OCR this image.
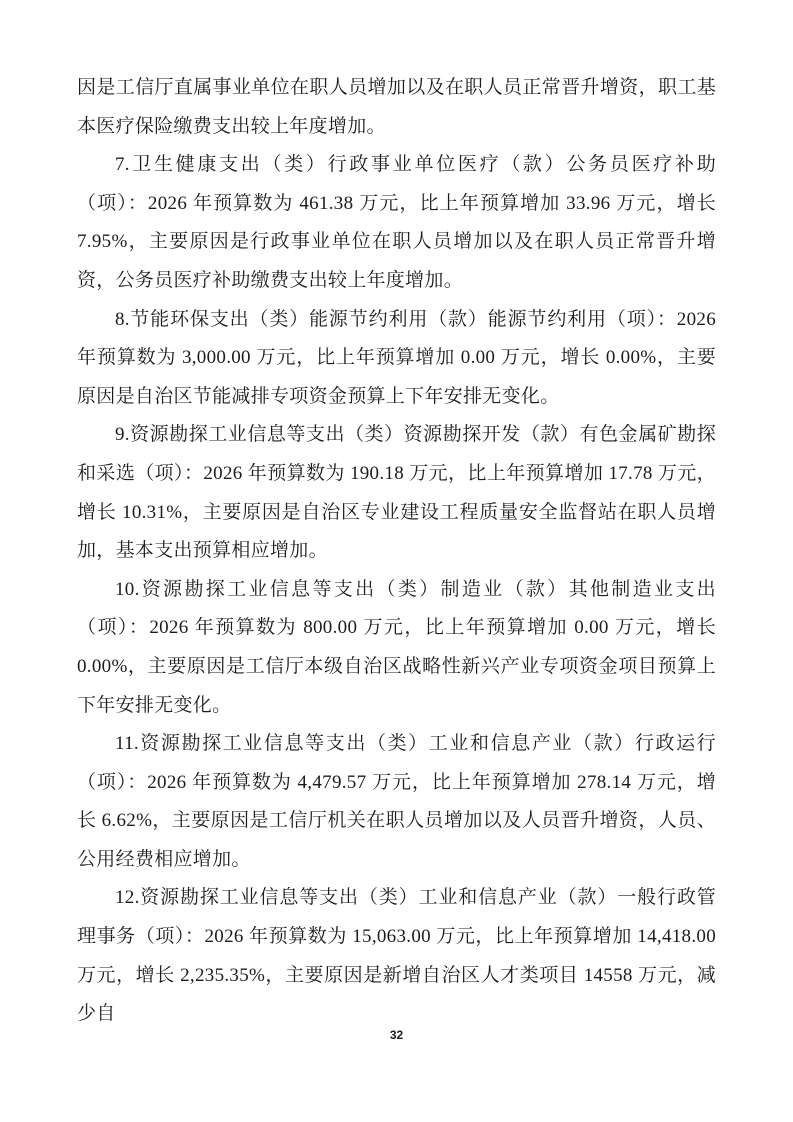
因是工信厅直属事业单位在职人员增加以及在职人员正常晋升增资，职工基本医疗保险缴费支出较上年度增加。

7.卫生健康支出（类）行政事业单位医疗（款）公务员医疗补助（项）：2026 年预算数为 461.38 万元，比上年预算增加 33.96 万元，增长 7.95%，主要原因是行政事业单位在职人员增加以及在职人员正常晋升增资，公务员医疗补助缴费支出较上年度增加。

8.节能环保支出（类）能源节约利用（款）能源节约利用（项）：2026 年预算数为 3,000.00 万元，比上年预算增加 0.00 万元，增长 0.00%，主要原因是自治区节能减排专项资金预算上下年安排无变化。

9.资源勘探工业信息等支出（类）资源勘探开发（款）有色金属矿勘探和采选（项）：2026 年预算数为 190.18 万元，比上年预算增加 17.78 万元，增长 10.31%，主要原因是自治区专业建设工程质量安全监督站在职人员增加，基本支出预算相应增加。

10.资源勘探工业信息等支出（类）制造业（款）其他制造业支出（项）：2026 年预算数为 800.00 万元，比上年预算增加 0.00 万元，增长 0.00%，主要原因是工信厅本级自治区战略性新兴产业专项资金项目预算上下年安排无变化。

11.资源勘探工业信息等支出（类）工业和信息产业（款）行政运行（项）：2026 年预算数为 4,479.57 万元，比上年预算增加 278.14 万元，增长 6.62%，主要原因是工信厅机关在职人员增加以及人员晋升增资，人员、公用经费相应增加。

12.资源勘探工业信息等支出（类）工业和信息产业（款）一般行政管理事务（项）：2026 年预算数为 15,063.00 万元，比上年预算增加 14,418.00 万元，增长 2,235.35%，主要原因是新增自治区人才类项目 14558 万元，减少自

32
